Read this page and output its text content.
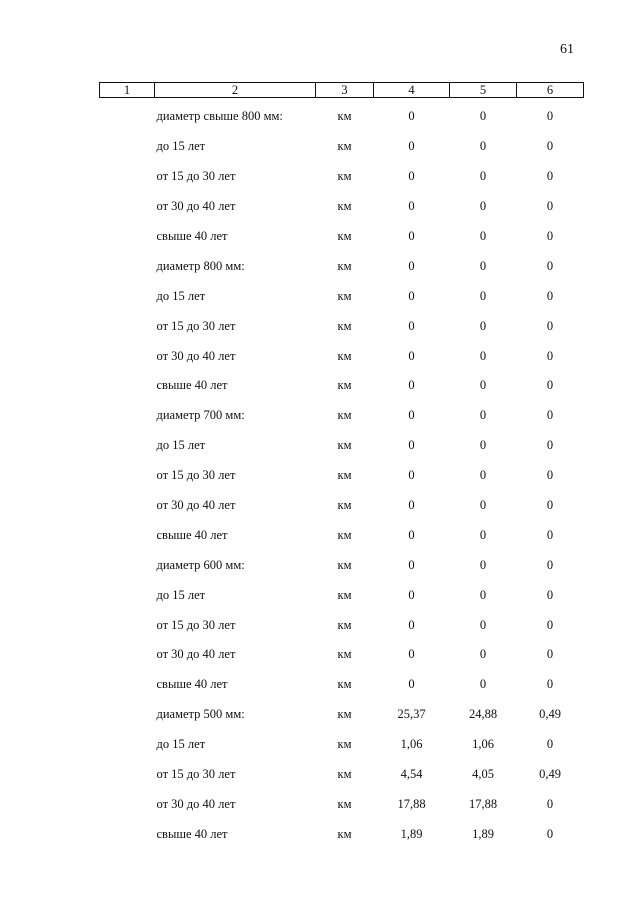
61
1	2	3	4	5	6
	диаметр свыше 800 мм:	км	0	0	0
	до 15 лет	км	0	0	0
	от 15 до 30 лет	км	0	0	0
	от 30 до 40 лет	км	0	0	0
	свыше 40 лет	км	0	0	0
	диаметр 800 мм:	км	0	0	0
	до 15 лет	км	0	0	0
	от 15 до 30 лет	км	0	0	0
	от 30 до 40 лет	км	0	0	0
	свыше 40 лет	км	0	0	0
	диаметр 700 мм:	км	0	0	0
	до 15 лет	км	0	0	0
	от 15 до 30 лет	км	0	0	0
	от 30 до 40 лет	км	0	0	0
	свыше 40 лет	км	0	0	0
	диаметр 600 мм:	км	0	0	0
	до 15 лет	км	0	0	0
	от 15 до 30 лет	км	0	0	0
	от 30 до 40 лет	км	0	0	0
	свыше 40 лет	км	0	0	0
	диаметр 500 мм:	км	25,37	24,88	0,49
	до 15 лет	км	1,06	1,06	0
	от 15 до 30 лет	км	4,54	4,05	0,49
	от 30 до 40 лет	км	17,88	17,88	0
	свыше 40 лет	км	1,89	1,89	0
